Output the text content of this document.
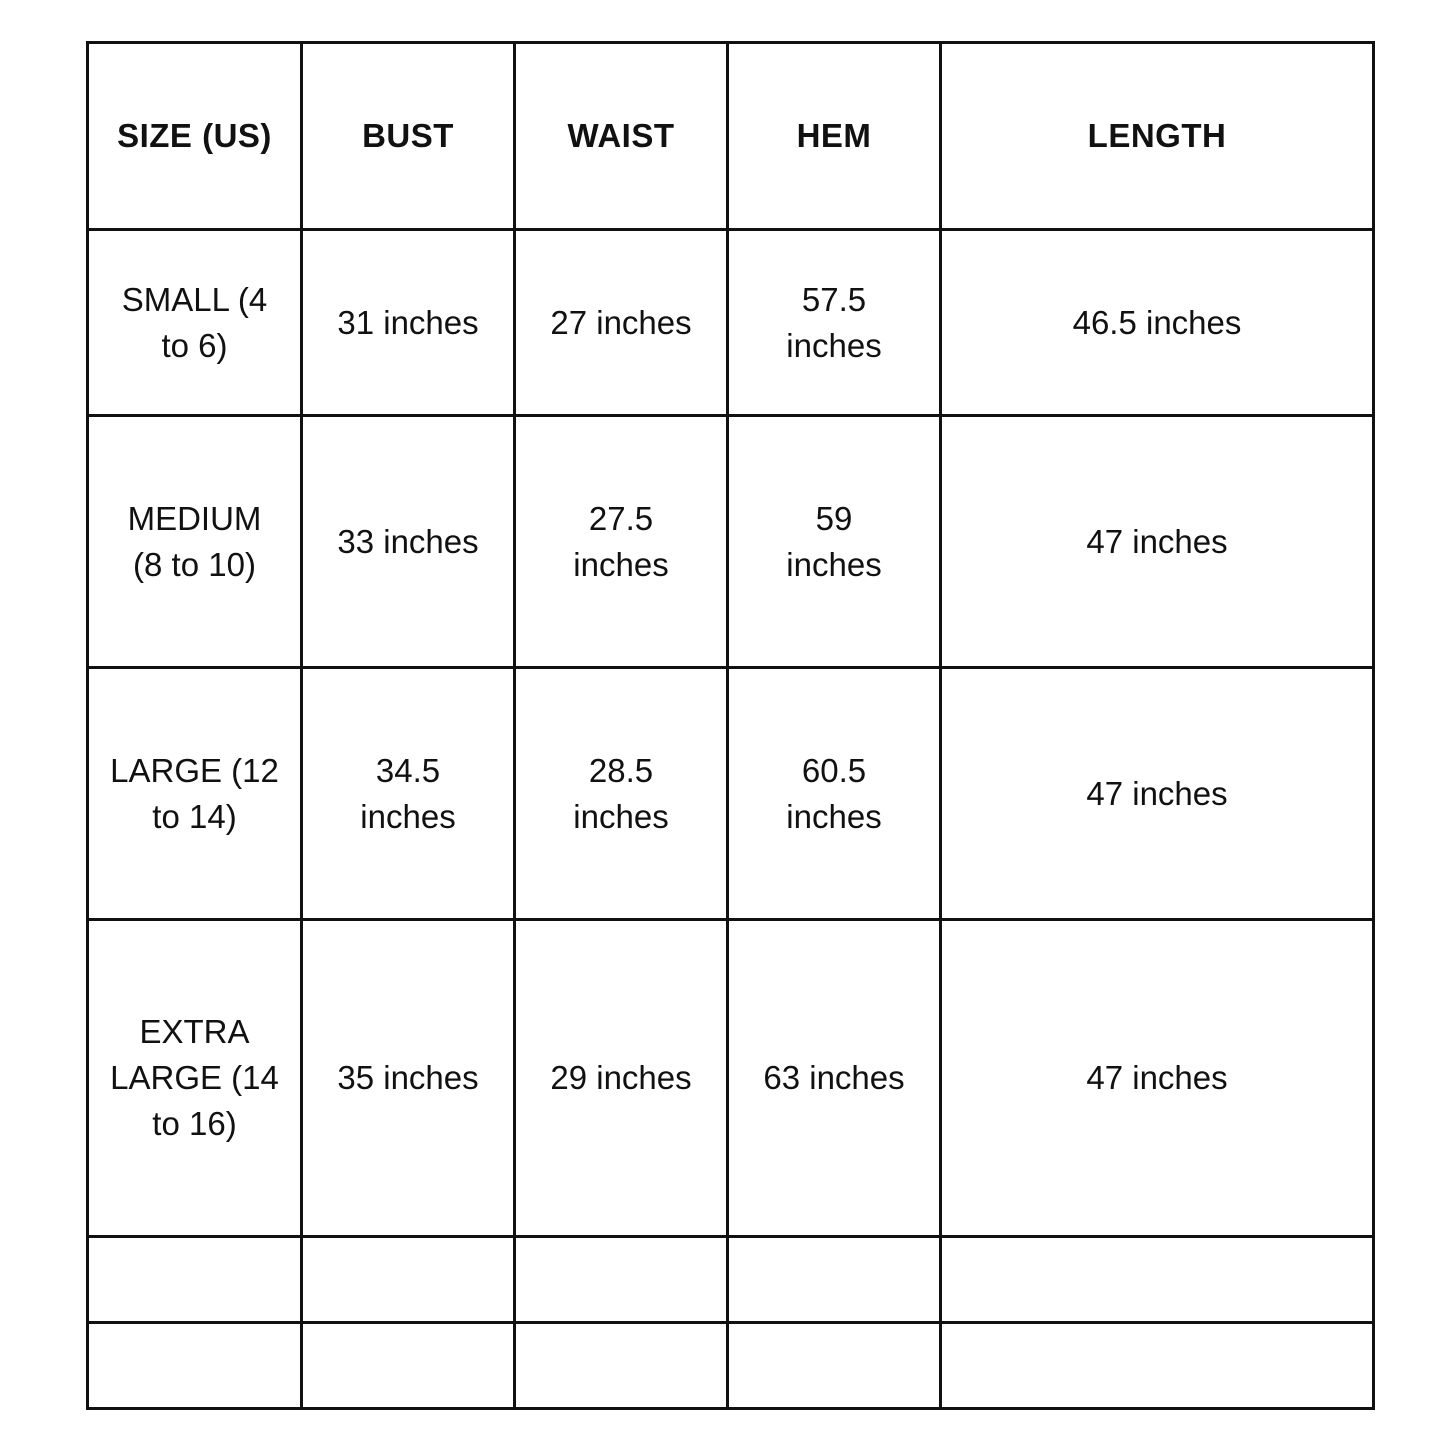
SIZE (US)	BUST	WAIST	HEM	LENGTH
SMALL (4 to 6)	31 inches	27 inches	57.5 inches	46.5 inches
MEDIUM (8 to 10)	33 inches	27.5 inches	59 inches	47 inches
LARGE (12 to 14)	34.5 inches	28.5 inches	60.5 inches	47 inches
EXTRA LARGE (14 to 16)	35 inches	29 inches	63 inches	47 inches
